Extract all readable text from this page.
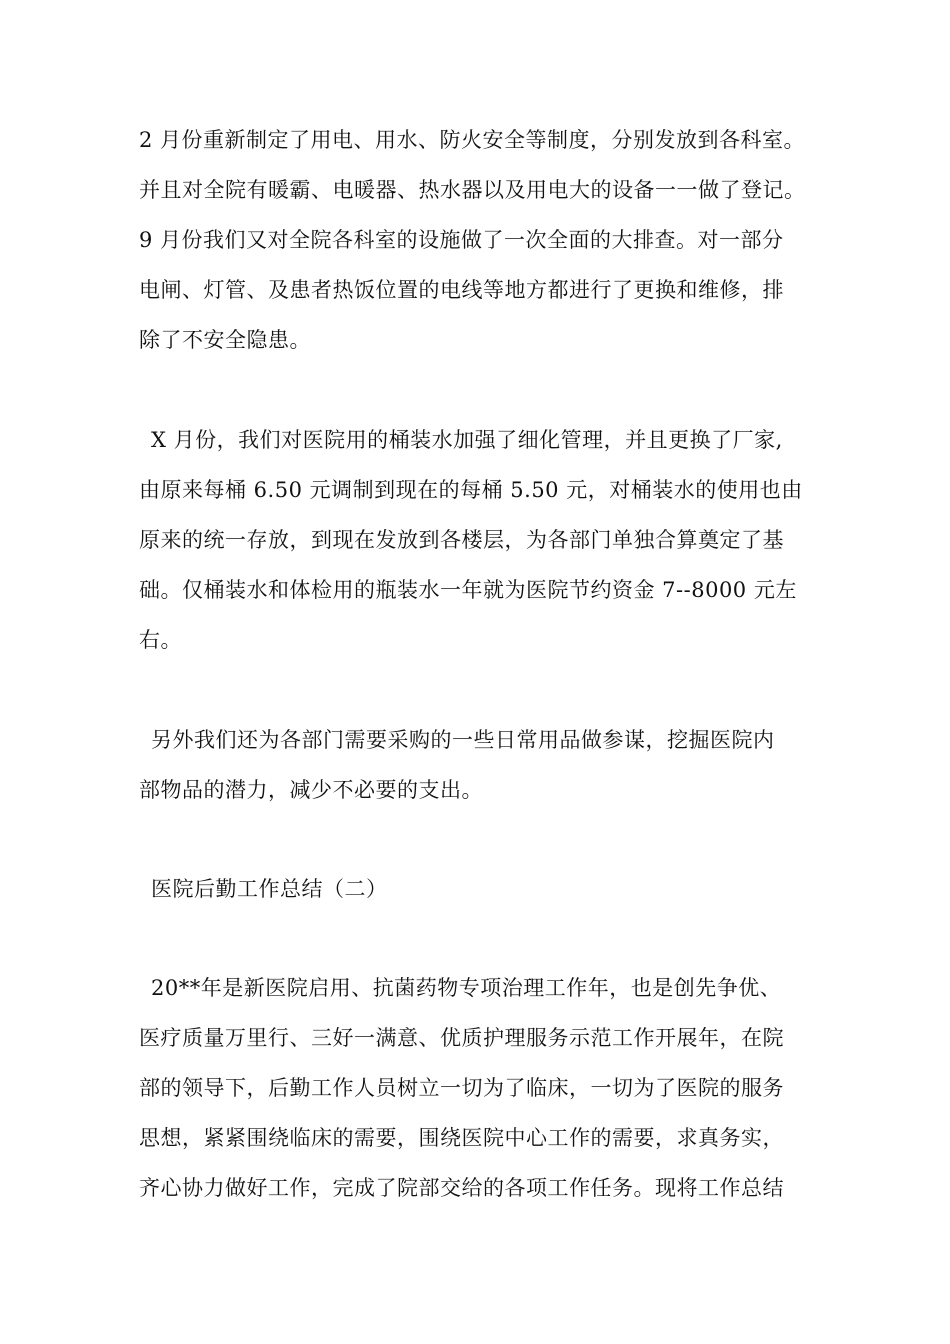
2 月份重新制定了用电、用水、防火安全等制度，分别发放到各科室。
并且对全院有暖霸、电暖器、热水器以及用电大的设备一一做了登记。
9 月份我们又对全院各科室的设施做了一次全面的大排查。对一部分
电闸、灯管、及患者热饭位置的电线等地方都进行了更换和维修，排
除了不安全隐患。
X 月份，我们对医院用的桶装水加强了细化管理，并且更换了厂家,
由原来每桶 6.50 元调制到现在的每桶 5.50 元，对桶装水的使用也由
原来的统一存放，到现在发放到各楼层，为各部门单独合算奠定了基
础。仅桶装水和体检用的瓶装水一年就为医院节约资金 7--8000 元左
右。
另外我们还为各部门需要采购的一些日常用品做参谋，挖掘医院内
部物品的潜力，减少不必要的支出。
医院后勤工作总结（二）
20**年是新医院启用、抗菌药物专项治理工作年，也是创先争优、
医疗质量万里行、三好一满意、优质护理服务示范工作开展年，在院
部的领导下，后勤工作人员树立一切为了临床，一切为了医院的服务
思想，紧紧围绕临床的需要，围绕医院中心工作的需要，求真务实，
齐心协力做好工作，完成了院部交给的各项工作任务。现将工作总结
